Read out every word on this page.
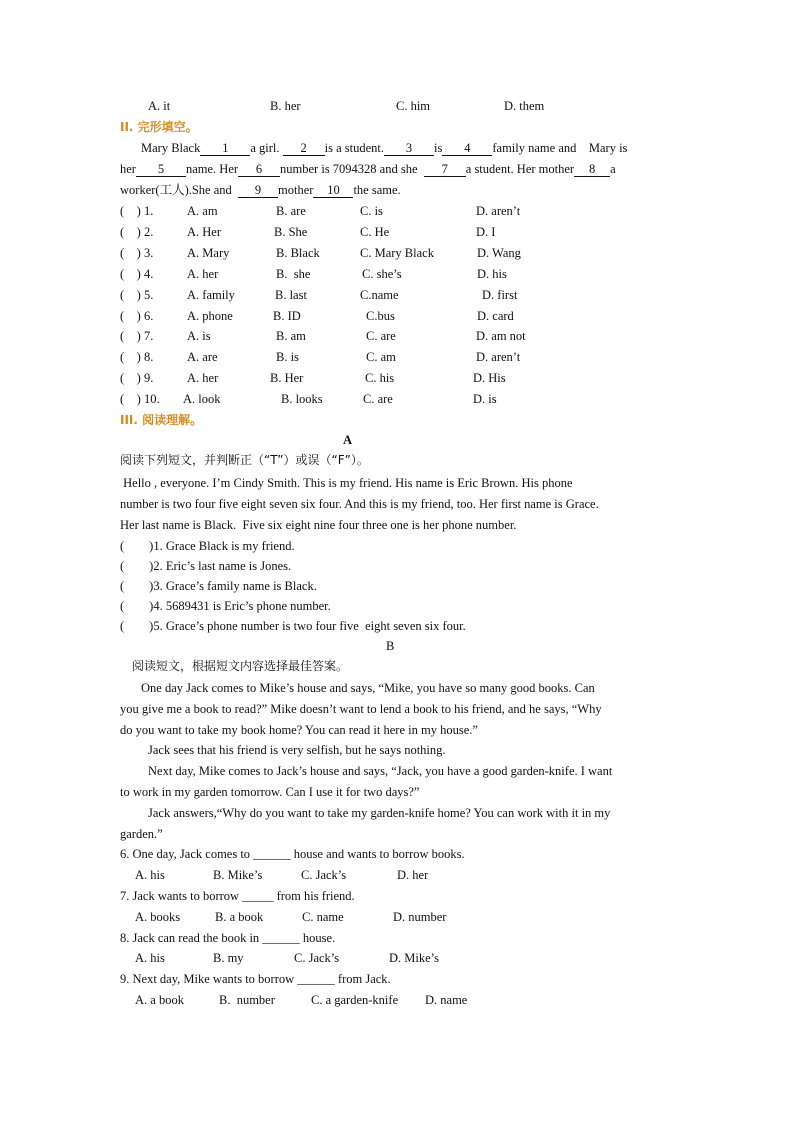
A. it	B. her	C. him	D. them
II. 完形填空。
Mary Black 1 a girl. 2 is a student. 3 is 4 family name and    Mary is
her 5 name. Her 6 number is 7094328 and she 7 a student. Her mother 8 a
worker(工人).She and 9 mother 10 the same.
(    ) 1.	A. am	B. are	C. is	D. aren’t
(    ) 2.	A. Her	B. She	C. He	D. I
(    ) 3.	A. Mary	B. Black	C. Mary Black	D. Wang
(    ) 4.	A. her	B.  she	C. she’s	D. his
(    ) 5.	A. family	B. last	C.name	D. first
(    ) 6.	A. phone	B. ID	C.bus	D. card
(    ) 7.	A. is	B. am	C. are	D. am not
(    ) 8.	A. are	B. is	C. am	D. aren’t
(    ) 9.	A. her	B. Her	C. his	D. His
(    ) 10. A. look	B. looks	C. are	D. is
III. 阅读理解。
A
阅读下列短文，并判断正（“T”）或误（“F”）。
Hello , everyone. I’m Cindy Smith. This is my friend. His name is Eric Brown. His phone
number is two four five eight seven six four. And this is my friend, too. Her first name is Grace.
Her last name is Black.  Five six eight nine four three one is her phone number.
(        )1. Grace Black is my friend.
(        )2. Eric’s last name is Jones.
(        )3. Grace’s family name is Black.
(        )4. 5689431 is Eric’s phone number.
(        )5. Grace’s phone number is two four five  eight seven six four.
B
阅读短文，根据短文内容选择最佳答案。
One day Jack comes to Mike’s house and says, “Mike, you have so many good books. Can
you give me a book to read?” Mike doesn’t want to lend a book to his friend, and he says, “Why
do you want to take my book home? You can read it here in my house.”
Jack sees that his friend is very selfish, but he says nothing.
Next day, Mike comes to Jack’s house and says, “Jack, you have a good garden-knife. I want
to work in my garden tomorrow. Can I use it for two days?”
Jack answers,“Why do you want to take my garden-knife home? You can work with it in my
garden.”
6. One day, Jack comes to ______ house and wants to borrow books.
A. his	B. Mike’s	C. Jack’s	D. her
7. Jack wants to borrow _____ from his friend.
A. books	B. a book	C. name	D. number
8. Jack can read the book in ______ house.
A. his	B. my	C. Jack’s	D. Mike’s
9. Next day, Mike wants to borrow ______ from Jack.
A. a book	B.  number	C. a garden-knife D. name
